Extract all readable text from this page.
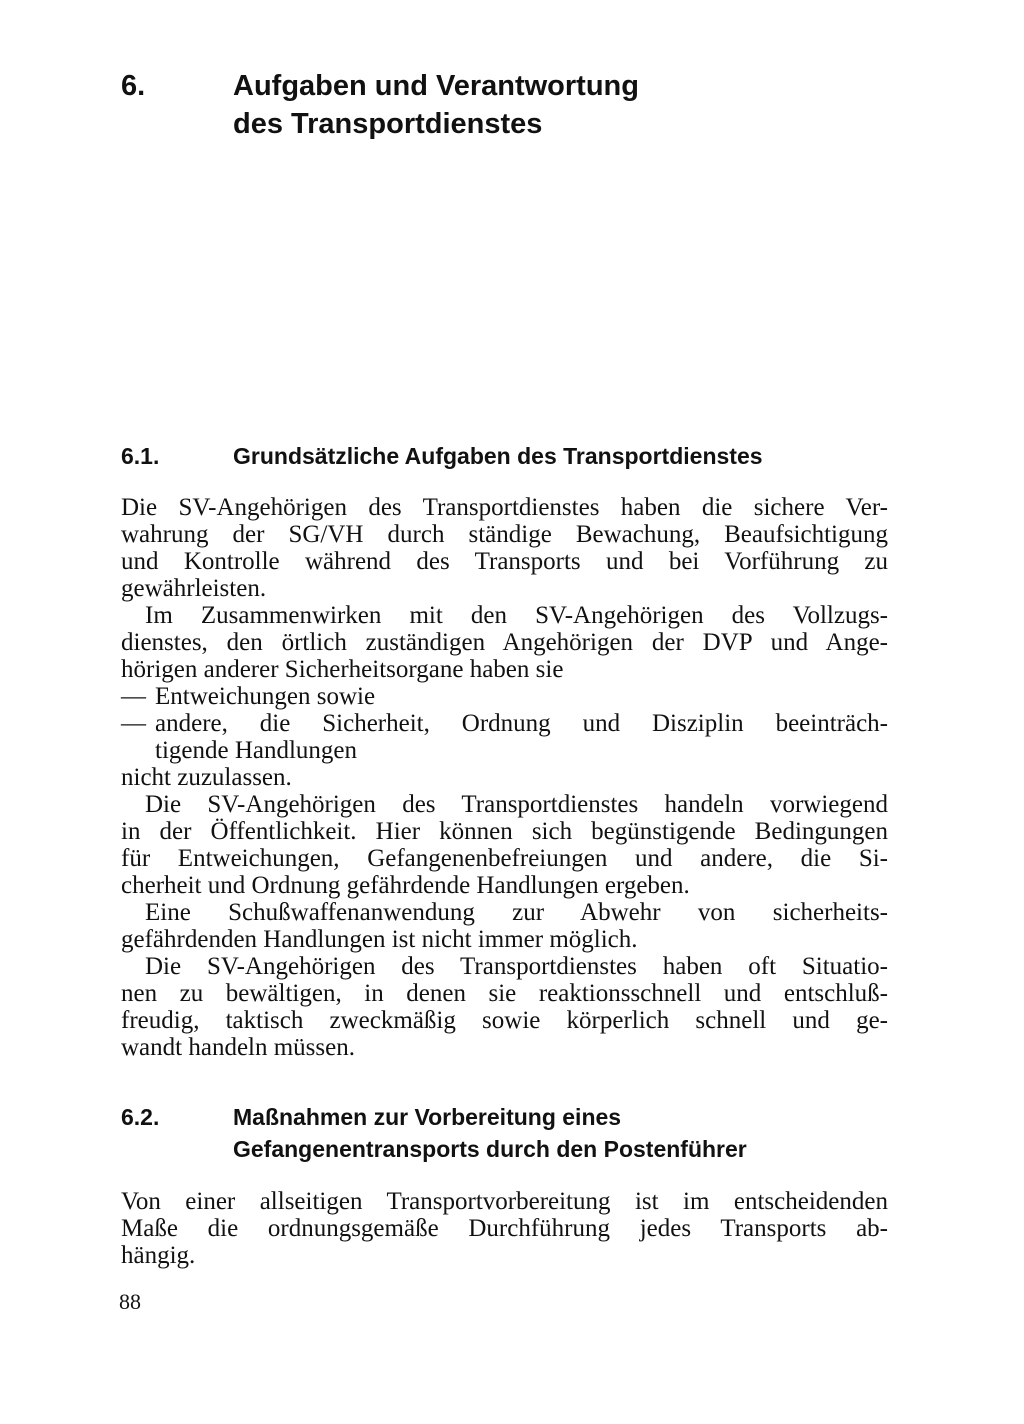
6.	Aufgaben und Verantwortung
des Transportdienstes
6.1.	Grundsätzliche Aufgaben des Transportdienstes
Die SV-Angehörigen des Transportdienstes haben die sichere Ver-
wahrung der SG/VH durch ständige Bewachung, Beaufsichtigung
und Kontrolle während des Transports und bei Vorführung zu
gewährleisten.
Im Zusammenwirken mit den SV-Angehörigen des Vollzugs-
dienstes, den örtlich zuständigen Angehörigen der DVP und Ange-
hörigen anderer Sicherheitsorgane haben sie
— Entweichungen sowie
— andere, die Sicherheit, Ordnung und Disziplin beeinträch-
tigende Handlungen
nicht zuzulassen.
Die SV-Angehörigen des Transportdienstes handeln vorwiegend
in der Öffentlichkeit. Hier können sich begünstigende Bedingungen
für Entweichungen, Gefangenenbefreiungen und andere, die Si-
cherheit und Ordnung gefährdende Handlungen ergeben.
Eine Schußwaffenanwendung zur Abwehr von sicherheits-
gefährdenden Handlungen ist nicht immer möglich.
Die SV-Angehörigen des Transportdienstes haben oft Situatio-
nen zu bewältigen, in denen sie reaktionsschnell und entschluß-
freudig, taktisch zweckmäßig sowie körperlich schnell und ge-
wandt handeln müssen.
6.2.	Maßnahmen zur Vorbereitung eines
Gefangenentransports durch den Postenführer
Von einer allseitigen Transportvorbereitung ist im entscheidenden
Maße die ordnungsgemäße Durchführung jedes Transports ab-
hängig.
88
